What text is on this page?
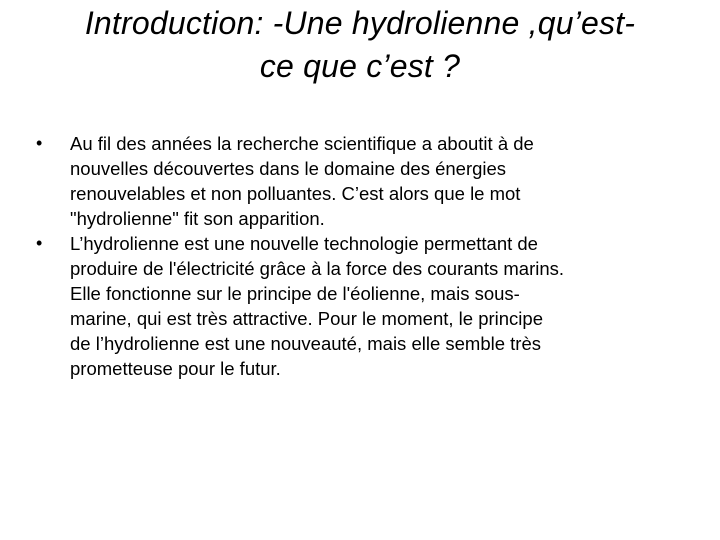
Introduction: -Une hydrolienne ,qu’est-
ce que c’est ?
•	Au fil des années la recherche scientifique a aboutit à de
nouvelles découvertes dans le domaine des énergies
renouvelables et non polluantes. C’est alors que le mot
"hydrolienne" fit son apparition.
•	L’hydrolienne est une nouvelle technologie permettant de
produire de l'électricité grâce à la force des courants marins.
Elle fonctionne sur le principe de l'éolienne, mais sous-
marine, qui est très attractive. Pour le moment, le principe
de l’hydrolienne est une nouveauté, mais elle semble très
prometteuse pour le futur.
